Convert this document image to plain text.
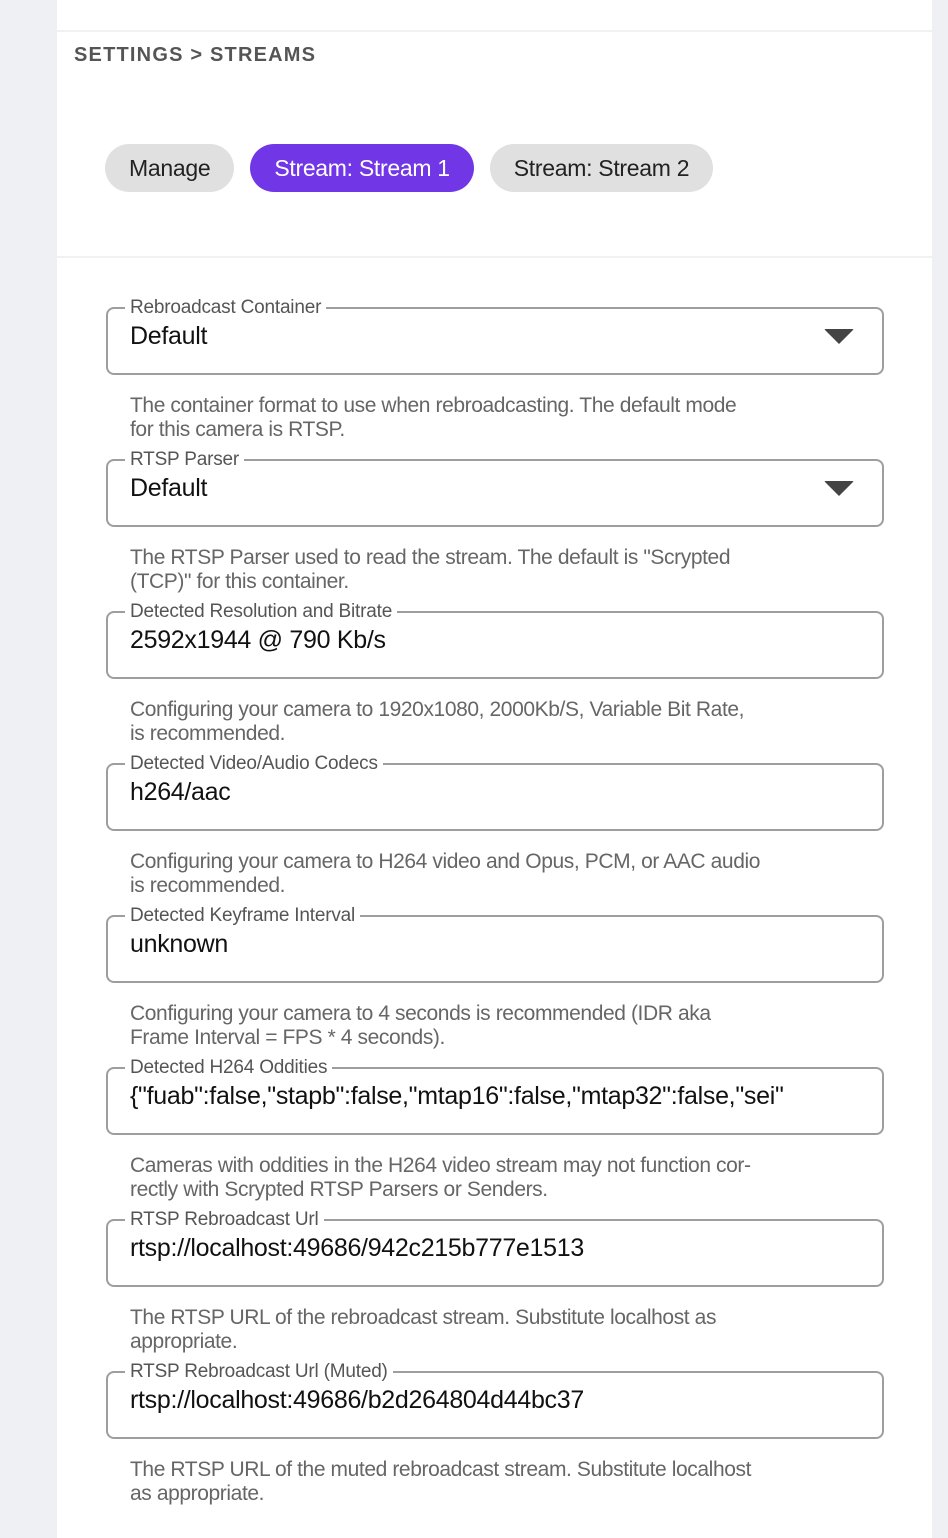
SETTINGS > STREAMS
Manage	Stream: Stream 1	Stream: Stream 2
Rebroadcast Container
Default
The container format to use when rebroadcasting. The default mode
for this camera is RTSP.
RTSP Parser
Default
The RTSP Parser used to read the stream. The default is "Scrypted
(TCP)" for this container.
Detected Resolution and Bitrate
2592x1944 @ 790 Kb/s
Configuring your camera to 1920x1080, 2000Kb/S, Variable Bit Rate,
is recommended.
Detected Video/Audio Codecs
h264/aac
Configuring your camera to H264 video and Opus, PCM, or AAC audio
is recommended.
Detected Keyframe Interval
unknown
Configuring your camera to 4 seconds is recommended (IDR aka
Frame Interval = FPS * 4 seconds).
Detected H264 Oddities
{"fuab":false,"stapb":false,"mtap16":false,"mtap32":false,"sei"
Cameras with oddities in the H264 video stream may not function cor-
rectly with Scrypted RTSP Parsers or Senders.
RTSP Rebroadcast Url
rtsp://localhost:49686/942c215b777e1513
The RTSP URL of the rebroadcast stream. Substitute localhost as
appropriate.
RTSP Rebroadcast Url (Muted)
rtsp://localhost:49686/b2d264804d44bc37
The RTSP URL of the muted rebroadcast stream. Substitute localhost
as appropriate.
